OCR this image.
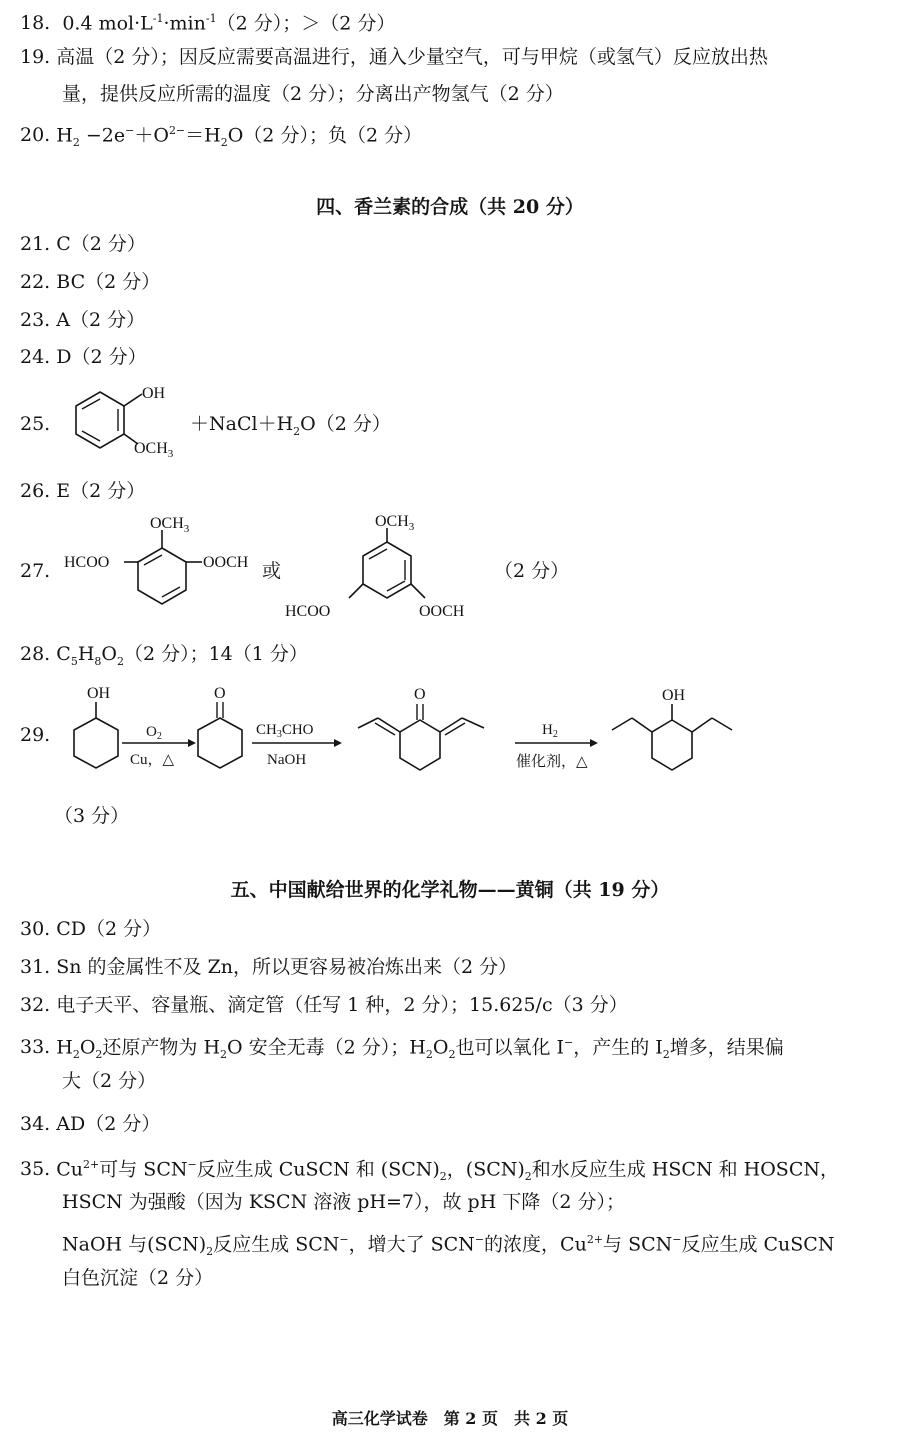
18. 0.4 $mol\cdot L^{-1}\cdot\min^{-1}(2$ 分）；＞（2 分）
19. 高温（2 分）；因反应需要高温进行，通入少量空气，可与甲烷（或氢气）反应放出热
量，提供反应所需的温度（2 分）；分离出产物氢气（2 分）
20. $H_2 -2e^-+O^{2-}=H_2O(2$ 分）；负（2 分）
四、香兰素的合成（共 20 分）
21. C（2 分）
22. BC（2 分）
23. A（2 分）
24. D（2 分）
25.
OH
$OCH_3$
$+NaCl+H_2O(2$ 分）
26. E（2 分）
27.
$OCH_3$
HCOO	OOCH 或
$OCH_3$
HCOO	OOCH
（2 分）
28. $C_5H_8O_2(2$ 分）；14（1 分）
29.
OH
$O_2$
Cu，△
O
$CH_3CHO$
NaOH
O
$H_2$
催化剂，△
OH
（3 分）
五、中国献给世界的化学礼物——黄铜（共 19 分）
30. CD（2 分）
31. Sn 的金属性不及 Zn，所以更容易被冶炼出来（2 分）
32. 电子天平、容量瓶、滴定管（任写 1 种，2 分）；15.625/c（3 分）
33. $H_2O_2$还原产物为 $H_2O$ 安全无毒（2 分）；$H_2O_2$也可以氧化 I−，产生的 $I_2$增多，结果偏
大（2 分）
34. AD（2 分）
35. $Cu^{2+}$可与 SCN−反应生成 CuSCN 和 $(SCN)_2$，$(SCN)_2$和水反应生成 HSCN 和 HOSCN，
HSCN 为强酸（因为 KSCN 溶液 pH=7），故 pH 下降（2 分）；
NaOH 与$(SCN)_2$反应生成 SCN−，增大了 SCN−的浓度，$Cu^{2+}$与 SCN−反应生成 CuSCN
白色沉淀（2 分）
高三化学试卷　第 2 页　共 2 页
